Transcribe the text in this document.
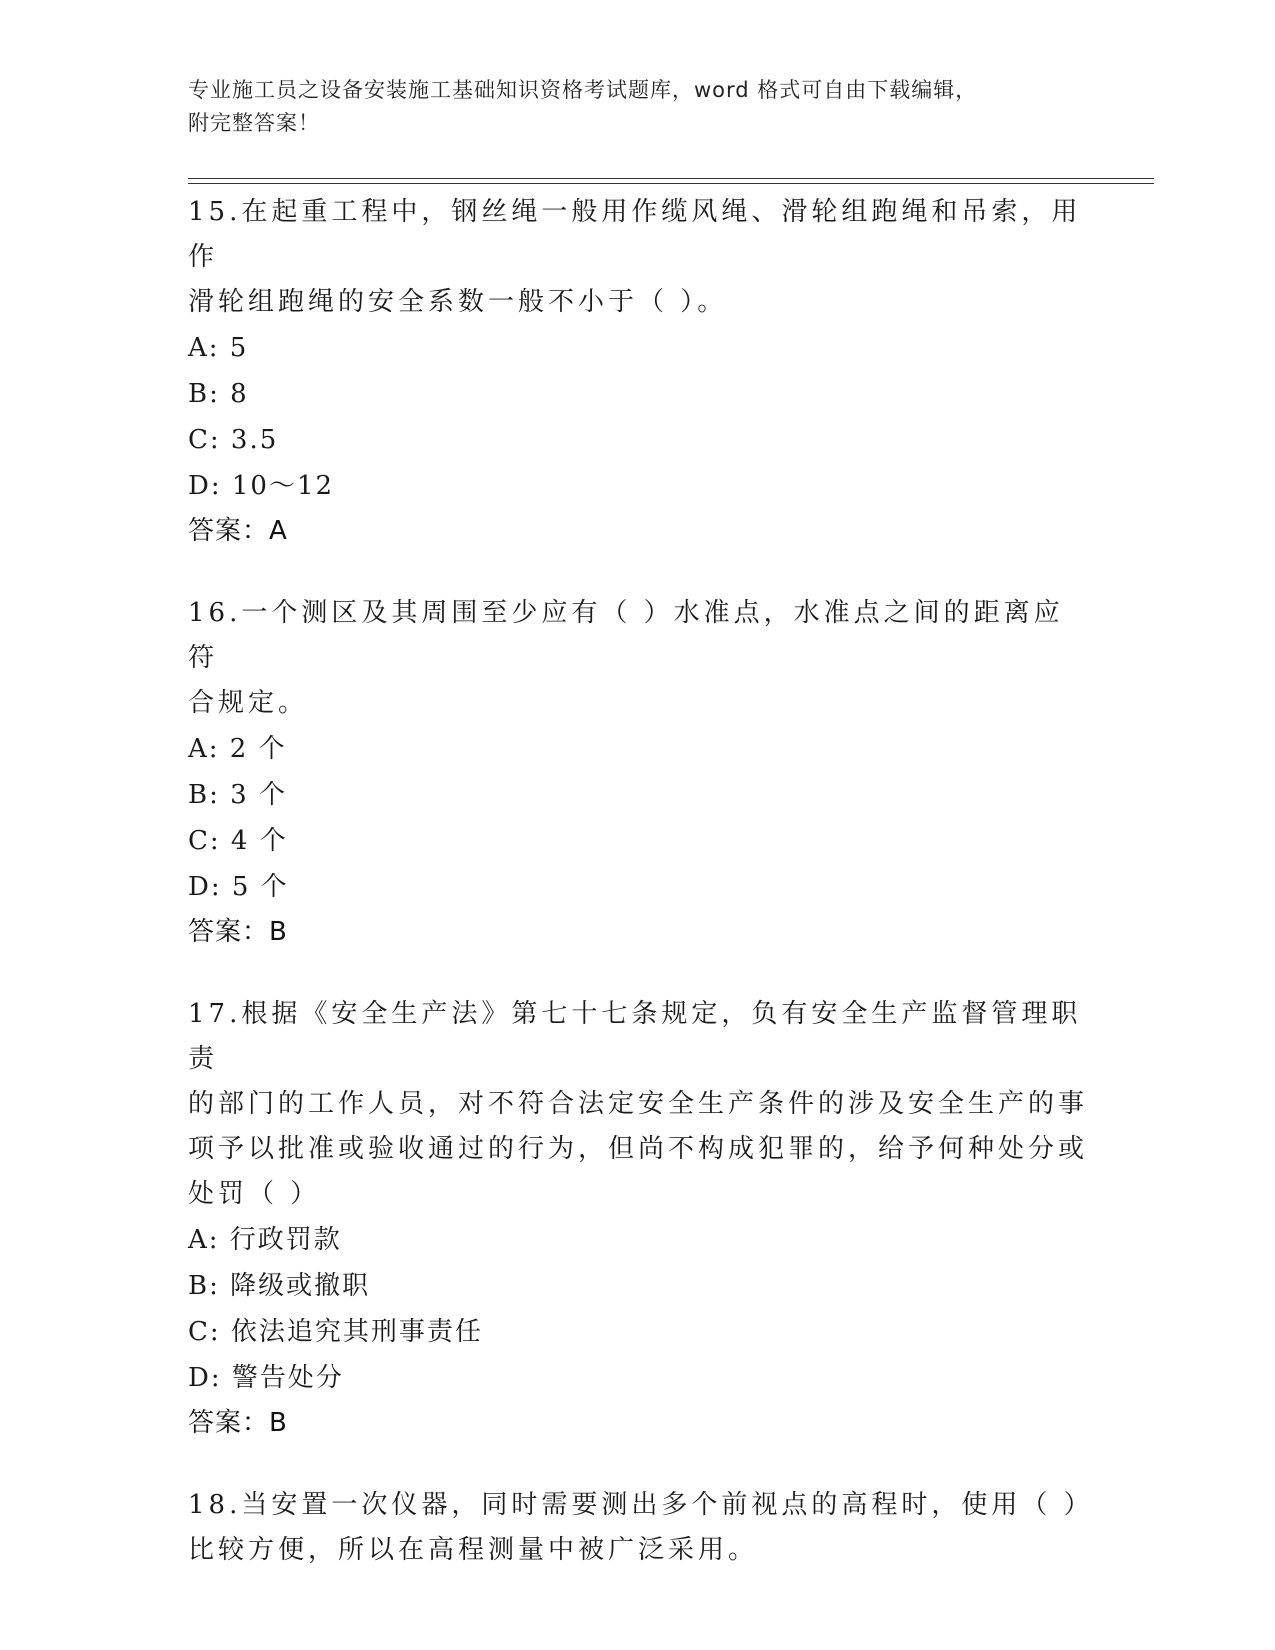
专业施工员之设备安装施工基础知识资格考试题库，word 格式可自由下载编辑，
附完整答案！

15.在起重工程中，钢丝绳一般用作缆风绳、滑轮组跑绳和吊索，用作

滑轮组跑绳的安全系数一般不小于（ ）。

A: 5

B: 8

C: 3.5

D: 10～12

答案：A

16.一个测区及其周围至少应有（ ）水准点，水准点之间的距离应符

合规定。

A: 2 个

B: 3 个

C: 4 个

D: 5 个

答案：B

17.根据《安全生产法》第七十七条规定，负有安全生产监督管理职责

的部门的工作人员，对不符合法定安全生产条件的涉及安全生产的事

项予以批准或验收通过的行为，但尚不构成犯罪的，给予何种处分或

处罚（ ）

A: 行政罚款

B: 降级或撤职

C: 依法追究其刑事责任

D: 警告处分

答案：B

18.当安置一次仪器，同时需要测出多个前视点的高程时，使用（ ）

比较方便，所以在高程测量中被广泛采用。
